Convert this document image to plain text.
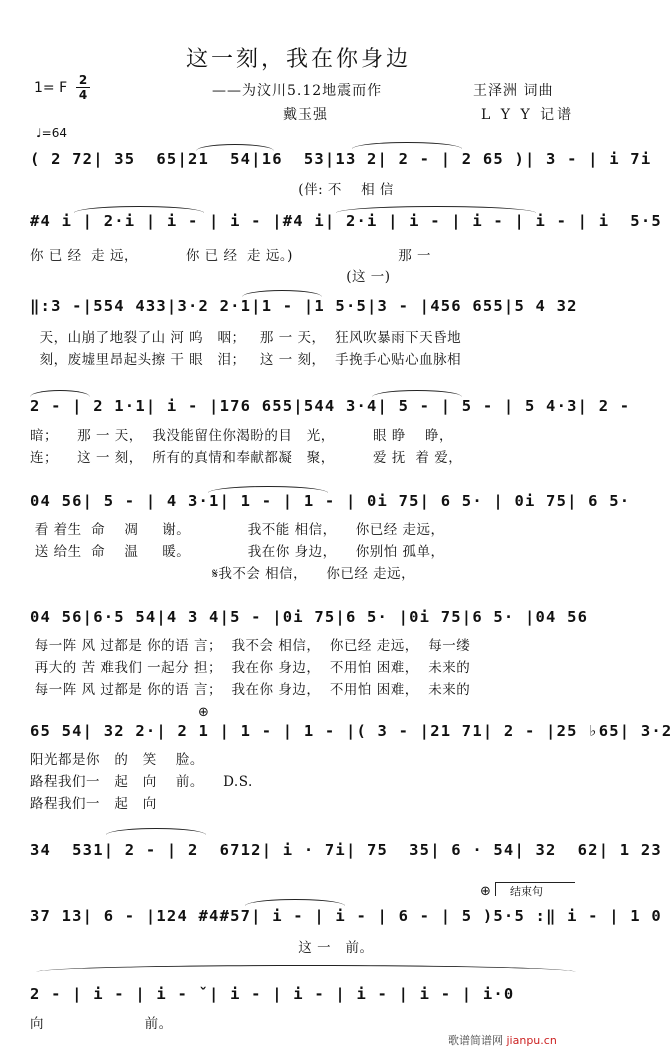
这一刻，我在你身边
1= F 2
4	——为汶川5.12地震而作	王泽洲 词曲
戴玉强	L Y Y 记谱
♩=64
( 2 72| 35  65|21  54|16  53|13 2| 2 - | 2 65 )| 3 - | i 7i
(伴: 不    相 信
#4 i | 2·i | i - | i - |#4 i| 2·i | i - | i - | i - | i  5·5
你 已 经  走 远，          你 已 经  走 远。)                      那 一
(这 一)
‖:3 -|554 433|3·2 2·1|1 - |1 5·5|3 - |456 655|5 4 32
天，山崩了地裂了山 河 呜   咽；   那 一 天，  狂风吹暴雨下天昏地
刻，废墟里昂起头擦 干 眼   泪；   这 一 刻，  手挽手心贴心血脉相
2 - | 2 1·1| i - |176 655|544 3·4| 5 - | 5 - | 5 4·3| 2 -
暗；    那 一 天，  我没能留住你渴盼的目   光，        眼 睁    睁，
连；    这 一 刻，  所有的真情和奉献都凝   聚，        爱 抚  着 爱，
04 56| 5 - | 4 3·1| 1 - | 1 - | 0i 75| 6 5· | 0i 75| 6 5·
看 着生  命    凋     谢。            我不能 相信，    你已经 走远，
送 给生  命    温     暖。            我在你 身边，    你别怕 孤单，
𝄋我不会 相信，    你已经 走远，
04 56|6·5 54|4 3 4|5 - |0i 75|6 5· |0i 75|6 5· |04 56
每一阵 风 过都是 你的语 言；  我不会 相信，  你已经 走远，  每一缕
再大的 苦 难我们 一起分 担；  我在你 身边，  不用怕 困难，  未来的
每一阵 风 过都是 你的语 言；  我在你 身边，  不用怕 困难，  未来的
⊕
65 54| 32 2·| 2 1 | 1 - | 1 - |( 3 - |21 71| 2 - |25 ♭65| 3·2
阳光都是你   的   笑    脸。
路程我们一   起   向    前。    D.S.
路程我们一   起   向
34  531| 2 - | 2  6712| i · 7i| 75  35| 6 · 54| 32  62| 1 23
⊕	结束句
37 13| 6 - |124 #4#57| i - | i - | 6 - | 5 )5·5 :‖ i - | 1 0
这 一   前。
2 - | i - | i - ˇ| i - | i - | i - | i - | i·0
向                     前。
歌谱简谱网 jianpu.cn
